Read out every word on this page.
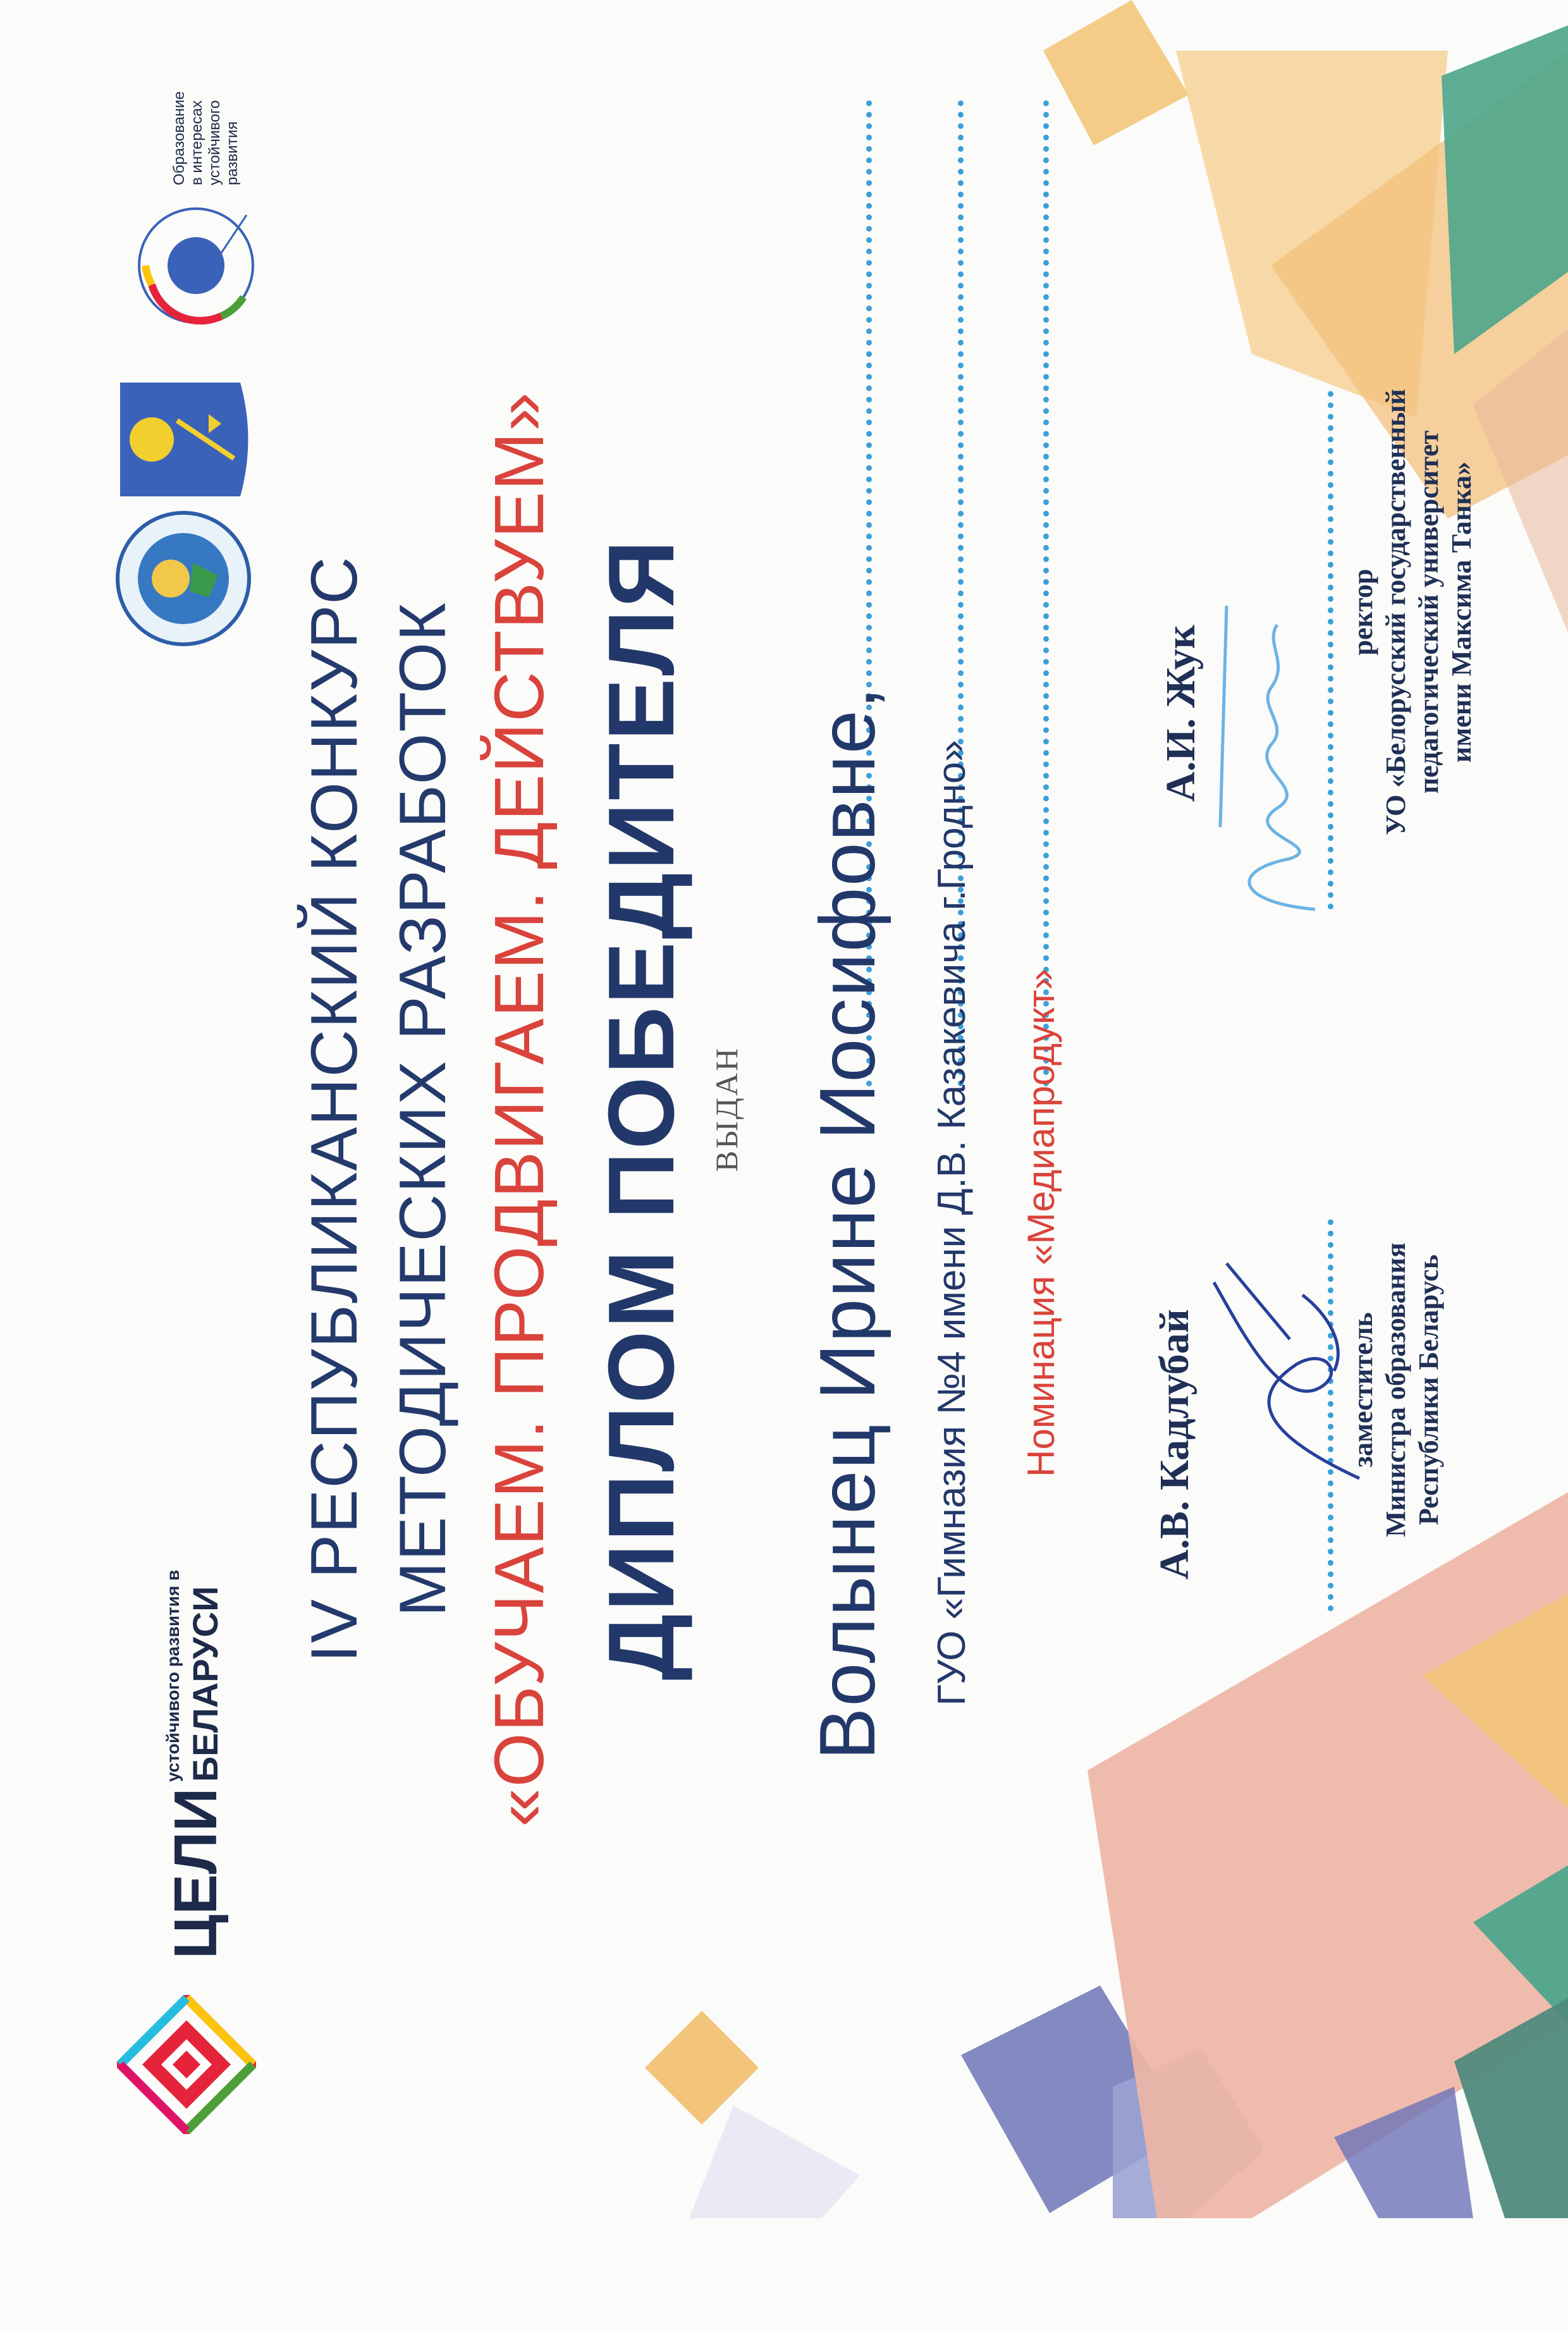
ЦЕЛИ
устойчивого развития в БЕЛАРУСИ
Образование в интересах устойчивого развития
IV РЕСПУБЛИКАНСКИЙ КОНКУРС МЕТОДИЧЕСКИХ РАЗРАБОТОК «ОБУЧАЕМ. ПРОДВИГАЕМ. ДЕЙСТВУЕМ» ДИПЛОМ ПОБЕДИТЕЛЯ ВЫДАН Волынец Ирине Иосифовне, ГУО «Гимназия №4 имени Д.В. Казакевича г.Гродно» Номинация «Медиапродукт» А.В. Кадлубай	заместитель Министра образования Республики Беларусь
А.И. Жук
ректор УО «Белорусский государственный педагогический университет имени Максима Танка»
